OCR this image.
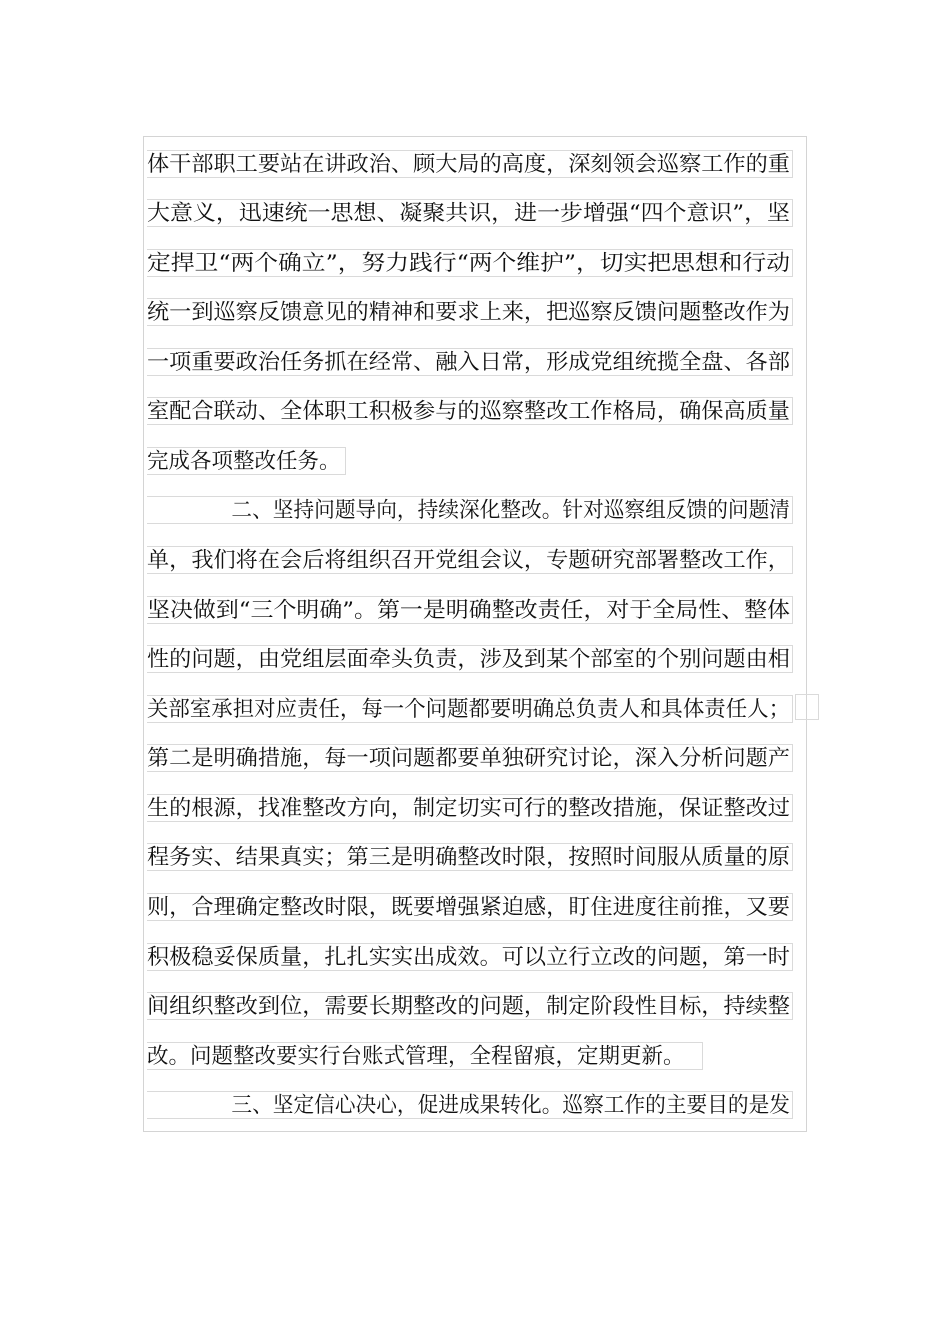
体干部职工要站在讲政治、顾大局的高度，深刻领会巡察工作的重
大意义，迅速统一思想、凝聚共识，进一步增强“四个意识”，坚
定捍卫“两个确立”，努力践行“两个维护”，切实把思想和行动
统一到巡察反馈意见的精神和要求上来，把巡察反馈问题整改作为
一项重要政治任务抓在经常、融入日常，形成党组统揽全盘、各部
室配合联动、全体职工积极参与的巡察整改工作格局，确保高质量
完成各项整改任务。
二、坚持问题导向，持续深化整改。针对巡察组反馈的问题清
单，我们将在会后将组织召开党组会议，专题研究部署整改工作，
坚决做到“三个明确”。第一是明确整改责任，对于全局性、整体
性的问题，由党组层面牵头负责，涉及到某个部室的个别问题由相
关部室承担对应责任，每一个问题都要明确总负责人和具体责任人；
第二是明确措施，每一项问题都要单独研究讨论，深入分析问题产
生的根源，找准整改方向，制定切实可行的整改措施，保证整改过
程务实、结果真实；第三是明确整改时限，按照时间服从质量的原
则，合理确定整改时限，既要增强紧迫感，盯住进度往前推，又要
积极稳妥保质量，扎扎实实出成效。可以立行立改的问题，第一时
间组织整改到位，需要长期整改的问题，制定阶段性目标，持续整
改。问题整改要实行台账式管理，全程留痕，定期更新。
三、坚定信心决心，促进成果转化。巡察工作的主要目的是发
